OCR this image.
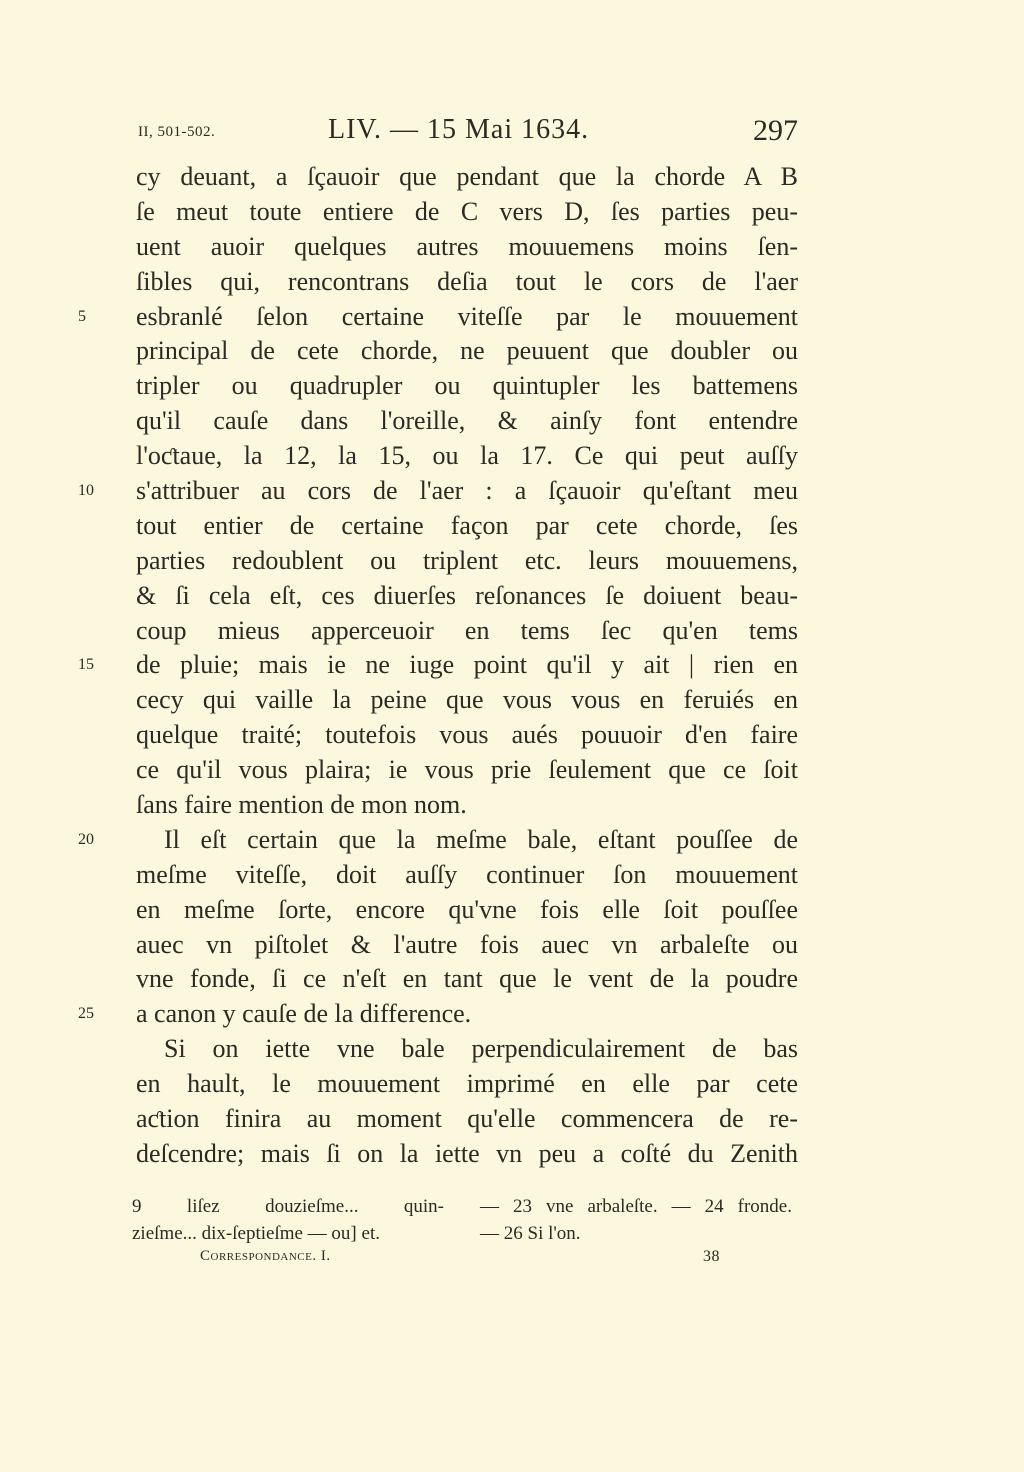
II, 501-502.	LIV. — 15 Mai 1634.	297
cy deuant, a ſçauoir que pendant que la chorde A B
ſe meut toute entiere de C vers D, ſes parties peu-
uent auoir quelques autres mouuemens moins ſen-
ſibles qui, rencontrans deſia tout le cors de l'aer
5	esbranlé ſelon certaine viteſſe par le mouuement
principal de cete chorde, ne peuuent que doubler ou
tripler ou quadrupler ou quintupler les battemens
qu'il cauſe dans l'oreille, & ainſy font entendre
l'oƈtaue, la 12, la 15, ou la 17. Ce qui peut auſſy
10	s'attribuer au cors de l'aer : a ſçauoir qu'eſtant meu
tout entier de certaine façon par cete chorde, ſes
parties redoublent ou triplent etc. leurs mouuemens,
& ſi cela eſt, ces diuerſes reſonances ſe doiuent beau-
coup mieus apperceuoir en tems ſec qu'en tems
15	de pluie; mais ie ne iuge point qu'il y ait | rien en
cecy qui vaille la peine que vous vous en feruiés en
quelque traité; toutefois vous aués pouuoir d'en faire
ce qu'il vous plaira; ie vous prie ſeulement que ce ſoit
ſans faire mention de mon nom.
20	Il eſt certain que la meſme bale, eſtant pouſſee de
meſme viteſſe, doit auſſy continuer ſon mouuement
en meſme ſorte, encore qu'vne fois elle ſoit pouſſee
auec vn piſtolet & l'autre fois auec vn arbaleſte ou
vne fonde, ſi ce n'eſt en tant que le vent de la poudre
25	a canon y cauſe de la difference.
Si on iette vne bale perpendiculairement de bas
en hault, le mouuement imprimé en elle par cete
aƈtion finira au moment qu'elle commencera de re-
deſcendre; mais ſi on la iette vn peu a coſté du Zenith
9 liſez douzieſme... quin-
zieſme... dix-ſeptieſme — ou] et.
— 23 vne arbaleſte. — 24 fronde.
— 26 Si l'on.
Correspondance. I.	38
